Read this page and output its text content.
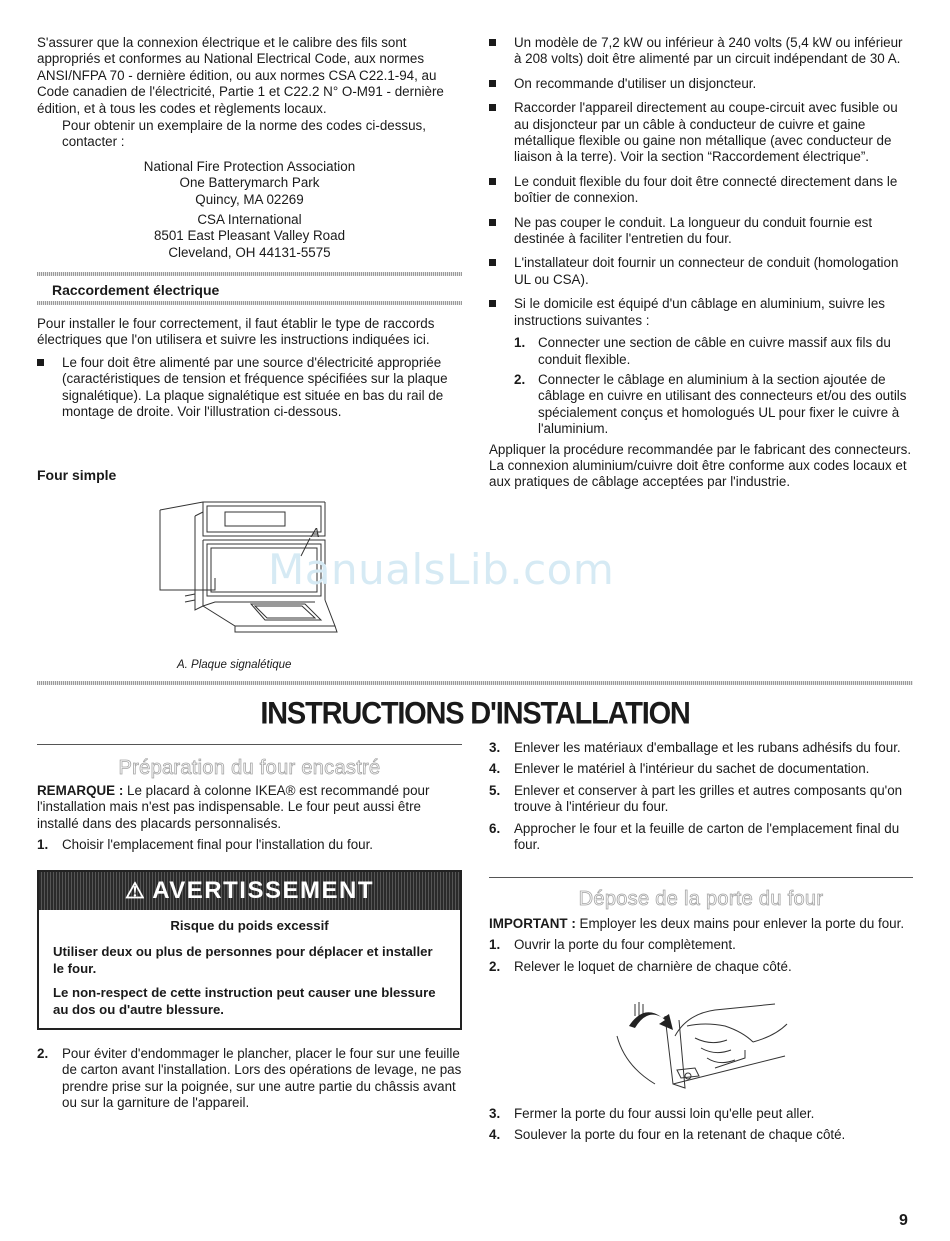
S'assurer que la connexion électrique et le calibre des fils sont appropriés et conformes au National Electrical Code, aux normes ANSI/NFPA 70 - dernière édition, ou aux normes CSA C22.1-94, au Code canadien de l'électricité, Partie 1 et C22.2 N° O-M91 - dernière édition, et à tous les codes et règlements locaux.

Pour obtenir un exemplaire de la norme des codes ci-dessus, contacter :

National Fire Protection Association
One Batterymarch Park
Quincy, MA 02269
CSA International
8501 East Pleasant Valley Road
Cleveland, OH 44131-5575
Raccordement électrique

Pour installer le four correctement, il faut établir le type de raccords électriques que l'on utilisera et suivre les instructions indiquées ici.

Le four doit être alimenté par une source d'électricité appropriée (caractéristiques de tension et fréquence spécifiées sur la plaque signalétique). La plaque signalétique est située en bas du rail de montage de droite. Voir l'illustration ci-dessous.
Four simple
A
A. Plaque signalétique
Un modèle de 7,2 kW ou inférieur à 240 volts (5,4 kW ou inférieur à 208 volts) doit être alimenté par un circuit indépendant de 30 A.
On recommande d'utiliser un disjoncteur.
Raccorder l'appareil directement au coupe-circuit avec fusible ou au disjoncteur par un câble à conducteur de cuivre et gaine métallique flexible ou gaine non métallique (avec conducteur de liaison à la terre). Voir la section “Raccordement électrique”.
Le conduit flexible du four doit être connecté directement dans le boîtier de connexion.
Ne pas couper le conduit. La longueur du conduit fournie est destinée à faciliter l'entretien du four.
L'installateur doit fournir un connecteur de conduit (homologation UL ou CSA).
Si le domicile est équipé d'un câblage en aluminium, suivre les instructions suivantes :
1. Connecter une section de câble en cuivre massif aux fils du conduit flexible.
2. Connecter le câblage en aluminium à la section ajoutée de câblage en cuivre en utilisant des connecteurs et/ou des outils spécialement conçus et homologués UL pour fixer le cuivre à l'aluminium.

Appliquer la procédure recommandée par le fabricant des connecteurs. La connexion aluminium/cuivre doit être conforme aux codes locaux et aux pratiques de câblage acceptées par l'industrie.

ManualsLib.com
INSTRUCTIONS D'INSTALLATION
Préparation du four encastré

REMARQUE : Le placard à colonne IKEA® est recommandé pour l'installation mais n'est pas indispensable. Le four peut aussi être installé dans des placards personnalisés.

1. Choisir l'emplacement final pour l'installation du four.
⚠ AVERTISSEMENT

Risque du poids excessif

Utiliser deux ou plus de personnes pour déplacer et installer le four.

Le non-respect de cette instruction peut causer une blessure au dos ou d'autre blessure.

2. Pour éviter d'endommager le plancher, placer le four sur une feuille de carton avant l'installation. Lors des opérations de levage, ne pas prendre prise sur la poignée, sur une autre partie du châssis avant ou sur la garniture de l'appareil.
3. Enlever les matériaux d'emballage et les rubans adhésifs du four.
4. Enlever le matériel à l'intérieur du sachet de documentation.
5. Enlever et conserver à part les grilles et autres composants qu'on trouve à l'intérieur du four.
6. Approcher le four et la feuille de carton de l'emplacement final du four.
Dépose de la porte du four

IMPORTANT : Employer les deux mains pour enlever la porte du four.

1. Ouvrir la porte du four complètement.
2. Relever le loquet de charnière de chaque côté.
3. Fermer la porte du four aussi loin qu'elle peut aller.
4. Soulever la porte du four en la retenant de chaque côté.
9
